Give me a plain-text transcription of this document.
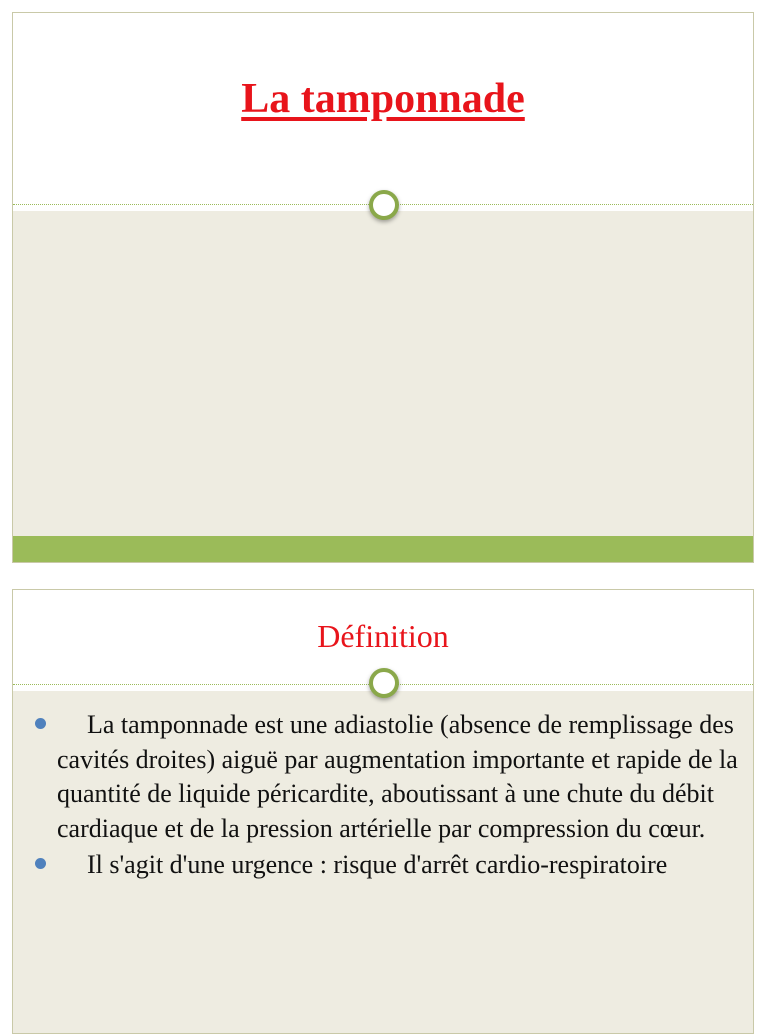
La tamponnade
Définition
La tamponnade est une adiastolie (absence de remplissage des cavités droites) aiguë par augmentation importante et rapide de la quantité de liquide péricardite, aboutissant à une chute du débit cardiaque et de la pression artérielle par compression du cœur.
Il s'agit d'une urgence : risque d'arrêt cardio-respiratoire
